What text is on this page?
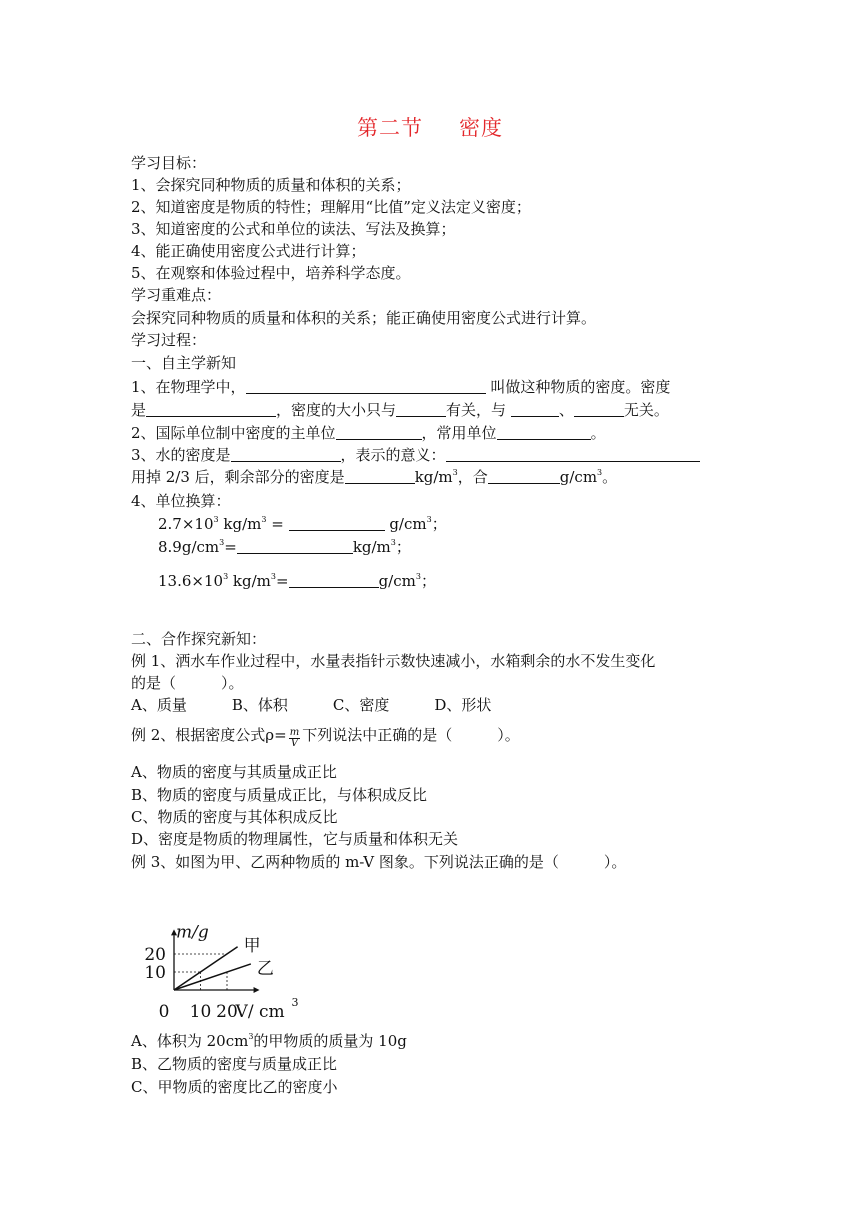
第二节 密度
学习目标：
1、会探究同种物质的质量和体积的关系；
2、知道密度是物质的特性；理解用“比值”定义法定义密度；
3、知道密度的公式和单位的读法、写法及换算；
4、能正确使用密度公式进行计算；
5、在观察和体验过程中，培养科学态度。
学习重难点：
会探究同种物质的质量和体积的关系；能正确使用密度公式进行计算。
学习过程：
一、自主学新知
1、在物理学中，	叫做这种物质的密度。密度
是	，密度的大小只与	有关，与	、	无关。
2、国际单位制中密度的主单位	，常用单位	。
3、水的密度是	，表示的意义：
用掉 2/3 后，剩余部分的密度是	$kg/m^3$，合	$g/cm^3$。
4、单位换算：
$2.7\times 10^3$ $kg/m^3$ =	$g/cm^3$；
$8.9g/cm^3=$	$kg/m^3$；
$13.6\times 10^3$ $kg/m^3=$	$g/cm^3$；
二、合作探究新知：
例 1、洒水车作业过程中，水量表指针示数快速减小，水箱剩余的水不发生变化
的是（　　　）。
A、质量　　　B、体积　　　C、密度　　　D、形状
例 2、根据密度公式$\rho= \frac{m}{V}$ 下列说法中正确的是（　　　）。
A、物质的密度与其质量成正比
B、物质的密度与质量成正比，与体积成反比
C、物质的密度与其体积成反比
D、密度是物质的物理属性，它与质量和体积无关
例 3、如图为甲、乙两种物质的 m-V 图象。下列说法正确的是（　　　）。
甲
乙
10 20
10
20
0
m/g
V/ cm 3
A、体积为 $20cm^3$的甲物质的质量为 10g
B、乙物质的密度与质量成正比
C、甲物质的密度比乙的密度小
